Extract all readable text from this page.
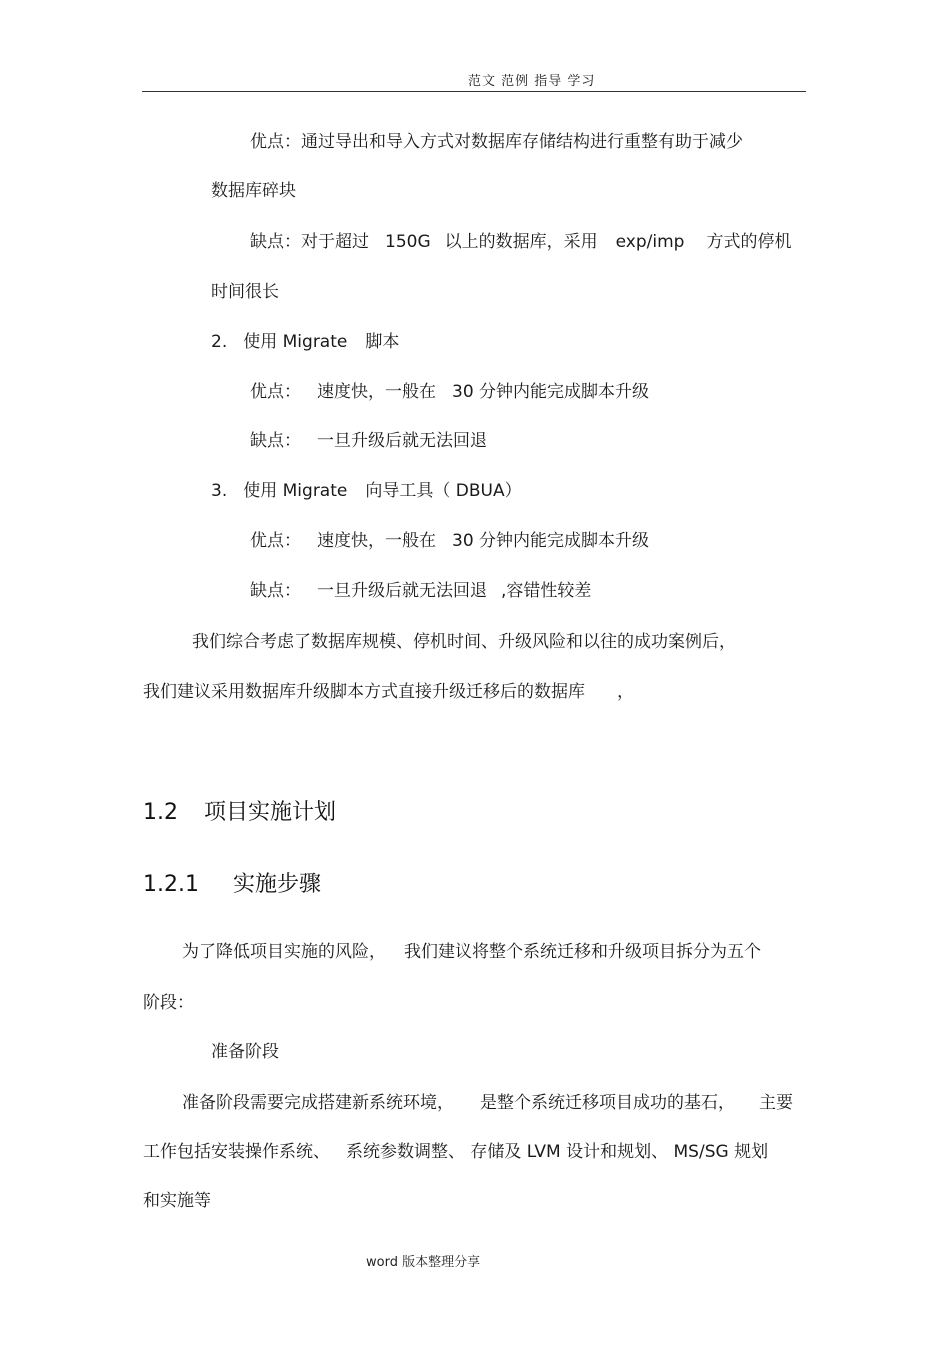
范文 范例 指导 学习

优点：通过导出和导入方式对数据库存储结构进行重整有助于减少

数据库碎块

缺点：对于超过 150G 以上的数据库，采用 exp/imp 方式的停机

时间很长

2. 使用 Migrate 脚本
优点： 速度快，一般在 30 分钟内能完成脚本升级
缺点： 一旦升级后就无法回退
3. 使用 Migrate 向导工具（ DBUA）
优点： 速度快，一般在 30 分钟内能完成脚本升级
缺点： 一旦升级后就无法回退 ,容错性较差

我们综合考虑了数据库规模、停机时间、升级风险和以往的成功案例后，

我们建议采用数据库升级脚本方式直接升级迁移后的数据库 ，
1.2 项目实施计划
1.2.1 实施步骤
为了降低项目实施的风险， 我们建议将整个系统迁移和升级项目拆分为五个

阶段：

准备阶段

准备阶段需要完成搭建新系统环境， 是整个系统迁移项目成功的基石， 主要
工作包括安装操作系统、 系统参数调整、 存储及 LVM 设计和规划、 MS/SG 规划

和实施等

word 版本整理分享
